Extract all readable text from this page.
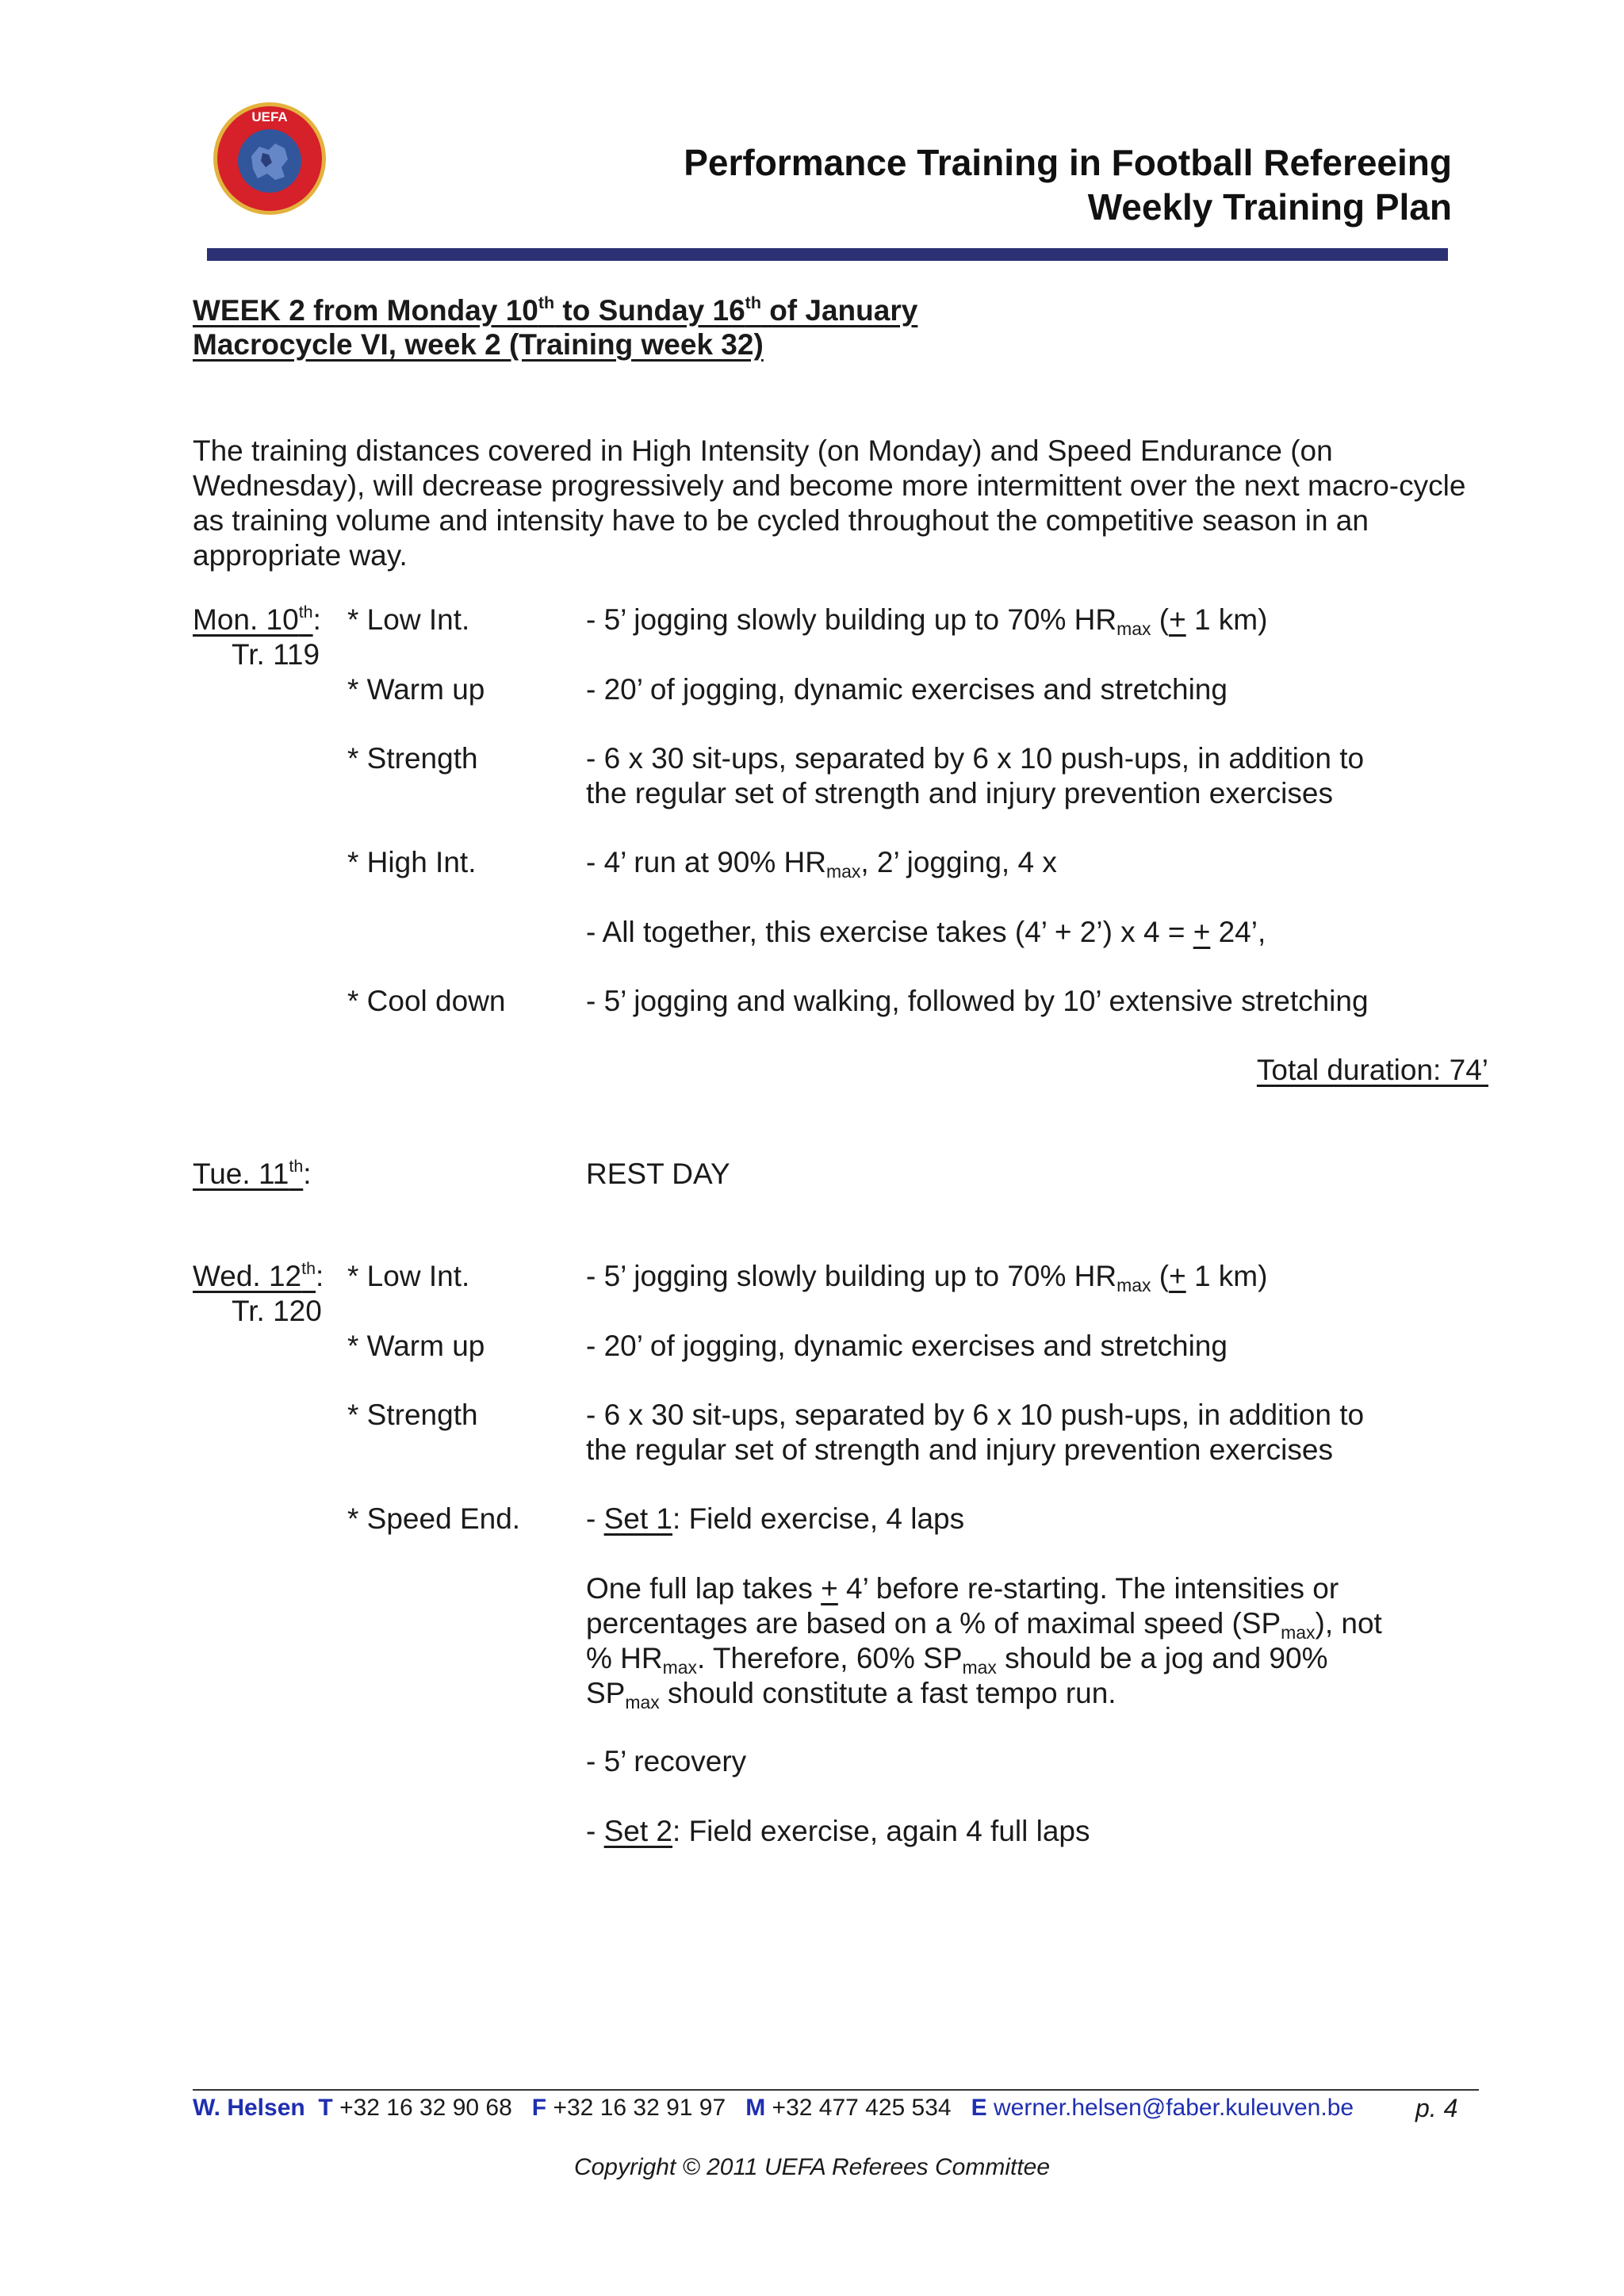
UEFA
Performance Training in Football Refereeing
Weekly Training Plan
WEEK 2 from Monday 10th to Sunday 16th of January
Macrocycle VI, week 2 (Training week 32)

The training distances covered in High Intensity (on Monday) and Speed Endurance (on Wednesday), will decrease progressively and become more intermittent over the next macro-cycle as training volume and intensity have to be cycled throughout the competitive season in an appropriate way.

Mon. 10th:
Tr. 119
* Low Int.	- 5’ jogging slowly building up to 70% $HR_{max}$ (+ 1 km)
* Warm up	- 20’ of jogging, dynamic exercises and stretching
* Strength	- 6 x 30 sit-ups, separated by 6 x 10 push-ups, in addition to
the regular set of strength and injury prevention exercises
* High Int.	- 4’ run at 90% $HR_{max}$, 2’ jogging, 4 x
- All together, this exercise takes (4’ + 2’) x 4 = + 24’,
* Cool down	- 5’ jogging and walking, followed by 10’ extensive stretching
Total duration: 74’
Tue. 11th:	REST DAY
Wed. 12th:
Tr. 120
* Low Int.	- 5’ jogging slowly building up to 70% $HR_{max}$ (+ 1 km)
* Warm up	- 20’ of jogging, dynamic exercises and stretching
* Strength	- 6 x 30 sit-ups, separated by 6 x 10 push-ups, in addition to
the regular set of strength and injury prevention exercises
* Speed End. - Set 1: Field exercise, 4 laps
One full lap takes + 4’ before re-starting. The intensities or
percentages are based on a % of maximal speed $(SP_{max})$, not
% $HR_{max}$. Therefore, 60% $SP_{max}$ should be a jog and 90%
$SP_{max}$ should constitute a fast tempo run.
- 5’ recovery
- Set 2: Field exercise, again 4 full laps
W. Helsen T +32 16 32 90 68 F +32 16 32 91 97 M +32 477 425 534 E werner.helsen@faber.kuleuven.be p. 4
Copyright © 2011 UEFA Referees Committee
